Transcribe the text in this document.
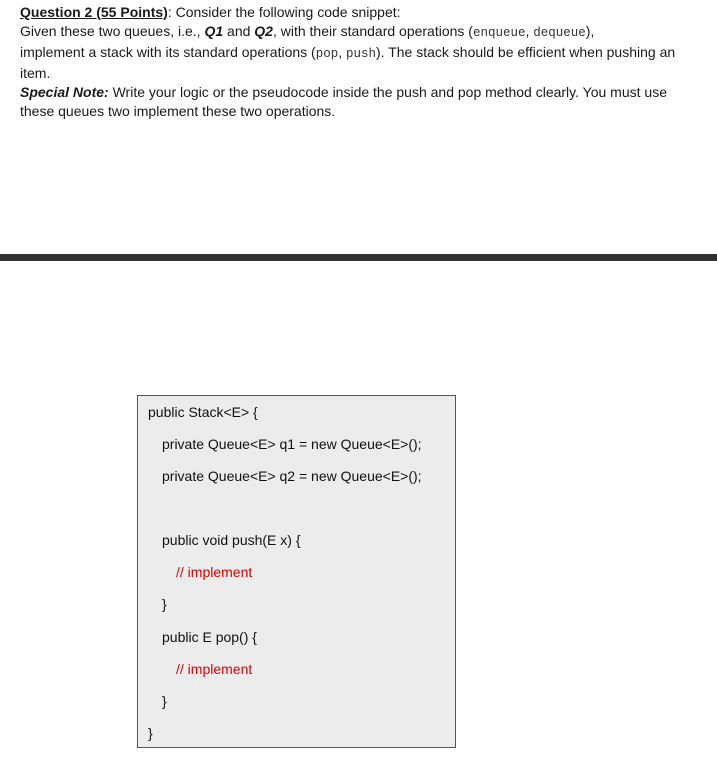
Question 2 (55 Points): Consider the following code snippet:
Given these two queues, i.e., Q1 and Q2, with their standard operations (enqueue, dequeue),
implement a stack with its standard operations (pop, push). The stack should be efficient when pushing an item.

Special Note: Write your logic or the pseudocode inside the push and pop method clearly. You must use these queues two implement these two operations.

public Stack<E> {
private Queue<E> q1 = new Queue<E>();
private Queue<E> q2 = new Queue<E>();
public void push(E x) {
// implement
}
public E pop() {
// implement
}
}
